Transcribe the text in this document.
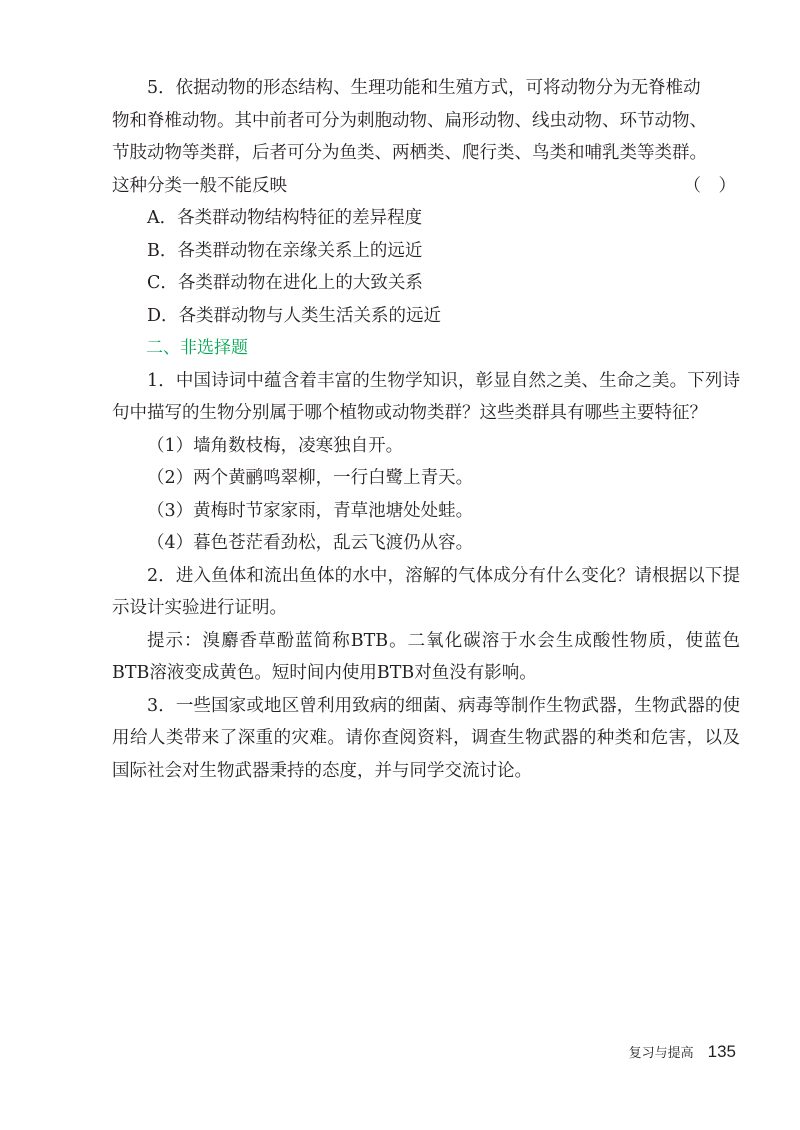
5．依据动物的形态结构、生理功能和生殖方式，可将动物分为无脊椎动

物和脊椎动物。其中前者可分为刺胞动物、扁形动物、线虫动物、环节动物、

节肢动物等类群，后者可分为鱼类、两栖类、爬行类、鸟类和哺乳类等类群。

这种分类一般不能反映	（　）

A．各类群动物结构特征的差异程度

B．各类群动物在亲缘关系上的远近

C．各类群动物在进化上的大致关系

D．各类群动物与人类生活关系的远近

二、非选择题

1．中国诗词中蕴含着丰富的生物学知识，彰显自然之美、生命之美。下列诗句中描写的生物分别属于哪个植物或动物类群？这些类群具有哪些主要特征？

（1）墙角数枝梅，凌寒独自开。

（2）两个黄鹂鸣翠柳，一行白鹭上青天。

（3）黄梅时节家家雨，青草池塘处处蛙。

（4）暮色苍茫看劲松，乱云飞渡仍从容。

2．进入鱼体和流出鱼体的水中，溶解的气体成分有什么变化？请根据以下提示设计实验进行证明。

提示：溴麝香草酚蓝简称BTB。二氧化碳溶于水会生成酸性物质，使蓝色BTB溶液变成黄色。短时间内使用BTB对鱼没有影响。

3．一些国家或地区曾利用致病的细菌、病毒等制作生物武器，生物武器的使用给人类带来了深重的灾难。请你查阅资料，调查生物武器的种类和危害，以及国际社会对生物武器秉持的态度，并与同学交流讨论。

复习与提高 135
